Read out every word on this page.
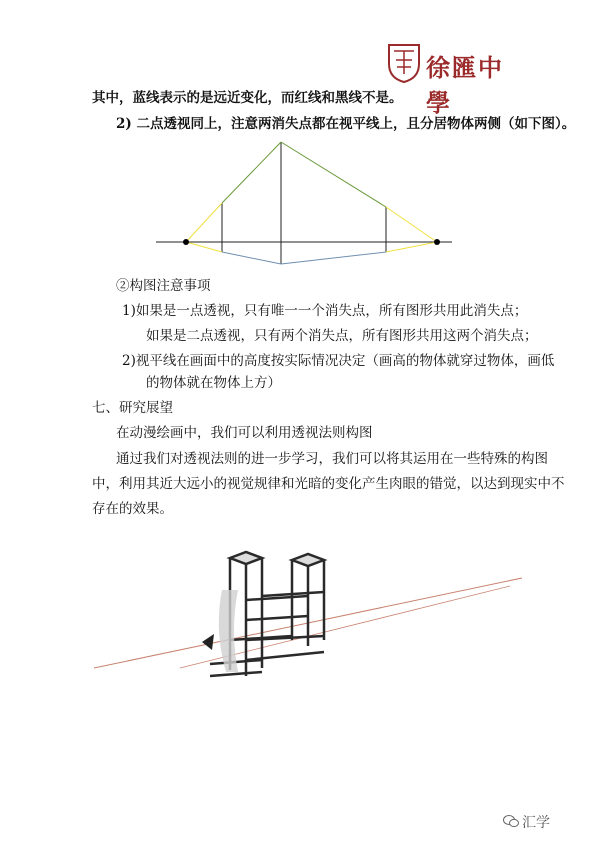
徐匯中學
其中，蓝线表示的是远近变化，而红线和黑线不是。
2) 二点透视同上，注意两消失点都在视平线上，且分居物体两侧（如下图）。
②构图注意事项
1)如果是一点透视，只有唯一一个消失点，所有图形共用此消失点；
如果是二点透视，只有两个消失点，所有图形共用这两个消失点；
2)视平线在画面中的高度按实际情况决定（画高的物体就穿过物体，画低
的物体就在物体上方）
七、研究展望
在动漫绘画中，我们可以利用透视法则构图
通过我们对透视法则的进一步学习，我们可以将其运用在一些特殊的构图
中，利用其近大远小的视觉规律和光暗的变化产生肉眼的错觉，以达到现实中不
存在的效果。
汇学
